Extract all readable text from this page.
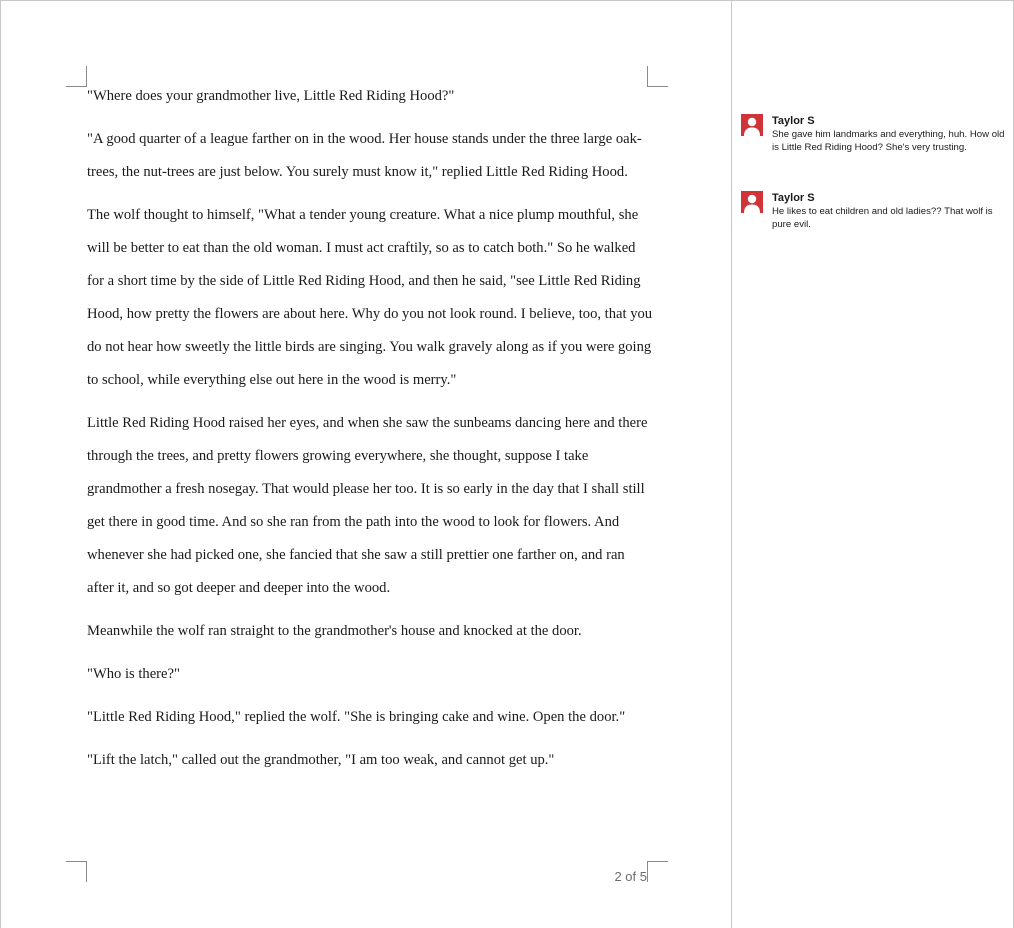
"Where does your grandmother live, Little Red Riding Hood?"

"A good quarter of a league farther on in the wood. Her house stands under the three large oak-trees, the nut-trees are just below. You surely must know it," replied Little Red Riding Hood.

The wolf thought to himself, "What a tender young creature. What a nice plump mouthful, she will be better to eat than the old woman. I must act craftily, so as to catch both." So he walked for a short time by the side of Little Red Riding Hood, and then he said, "see Little Red Riding Hood, how pretty the flowers are about here. Why do you not look round. I believe, too, that you do not hear how sweetly the little birds are singing. You walk gravely along as if you were going to school, while everything else out here in the wood is merry."

Little Red Riding Hood raised her eyes, and when she saw the sunbeams dancing here and there through the trees, and pretty flowers growing everywhere, she thought, suppose I take grandmother a fresh nosegay. That would please her too. It is so early in the day that I shall still get there in good time. And so she ran from the path into the wood to look for flowers. And whenever she had picked one, she fancied that she saw a still prettier one farther on, and ran after it, and so got deeper and deeper into the wood.

Meanwhile the wolf ran straight to the grandmother's house and knocked at the door.

"Who is there?"

"Little Red Riding Hood," replied the wolf. "She is bringing cake and wine. Open the door."

"Lift the latch," called out the grandmother, "I am too weak, and cannot get up."

2 of 5
Taylor S
She gave him landmarks and everything, huh. How old is Little Red Riding Hood? She's very trusting.
Taylor S
He likes to eat children and old ladies?? That wolf is pure evil.
